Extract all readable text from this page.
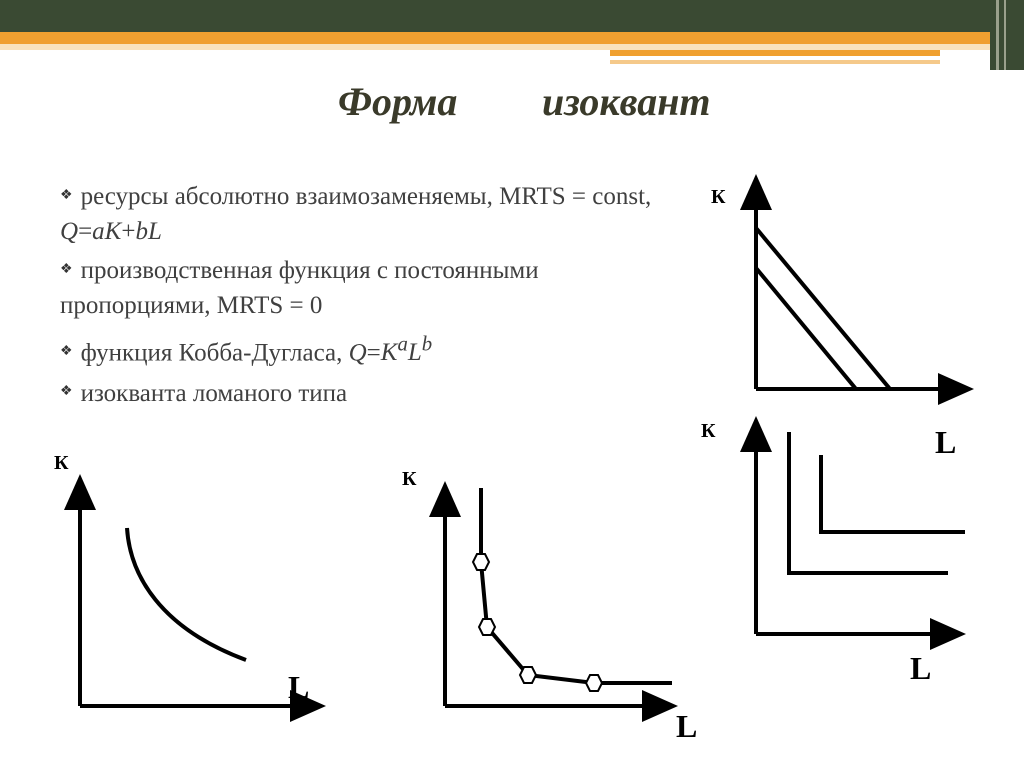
Форма изоквант
❖ ресурсы абсолютно взаимозаменяемы, MRTS = const, Q=aK+bL
❖ производственная функция с постоянными пропорциями, MRTS = 0
❖ функция Кобба-Дугласа, $Q=K^aL^b$
❖ изокванта ломаного типа
К
L
К
L
К
L
К
L
